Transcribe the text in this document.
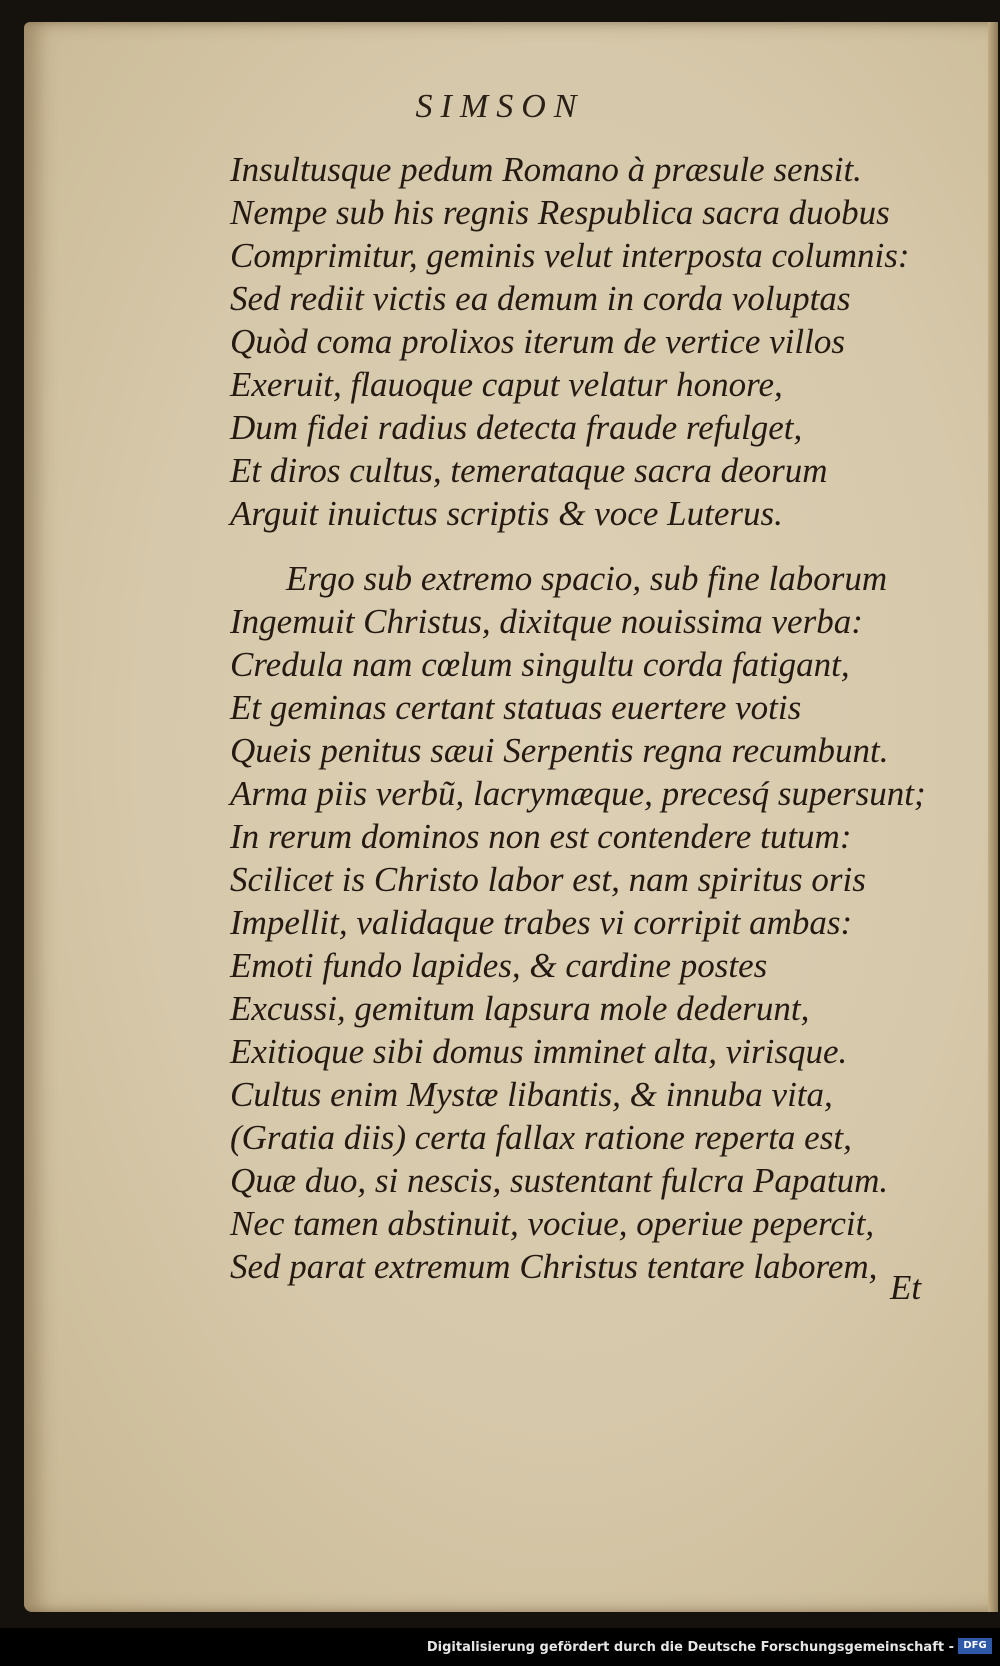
SIMSON
Insultusque pedum Romano à præsule sensit.
Nempe sub his regnis Respublica sacra duobus
Comprimitur, geminis velut interposta columnis:
Sed rediit victis ea demum in corda voluptas
Quòd coma prolixos iterum de vertice villos
Exeruit, flauoque caput velatur honore,
Dum fidei radius detecta fraude refulget,
Et diros cultus, temerataque sacra deorum
Arguit inuictus scriptis & voce Luterus.
Ergo sub extremo spacio, sub fine laborum
Ingemuit Christus, dixitque nouissima verba:
Credula nam cœlum singultu corda fatigant,
Et geminas certant statuas euertere votis
Queis penitus sæui Serpentis regna recumbunt.
Arma piis verbũ, lacrymæque, precesq́ supersunt;
In rerum dominos non est contendere tutum:
Scilicet is Christo labor est, nam spiritus oris
Impellit, validaque trabes vi corripit ambas:
Emoti fundo lapides, & cardine postes
Excussi, gemitum lapsura mole dederunt,
Exitioque sibi domus imminet alta, virisque.
Cultus enim Mystæ libantis, & innuba vita,
(Gratia diis) certa fallax ratione reperta est,
Quæ duo, si nescis, sustentant fulcra Papatum.
Nec tamen abstinuit, vociue, operiue pepercit,
Sed parat extremum Christus tentare laborem,
Et
Digitalisierung gefördert durch die Deutsche Forschungsgemeinschaft - DFG
